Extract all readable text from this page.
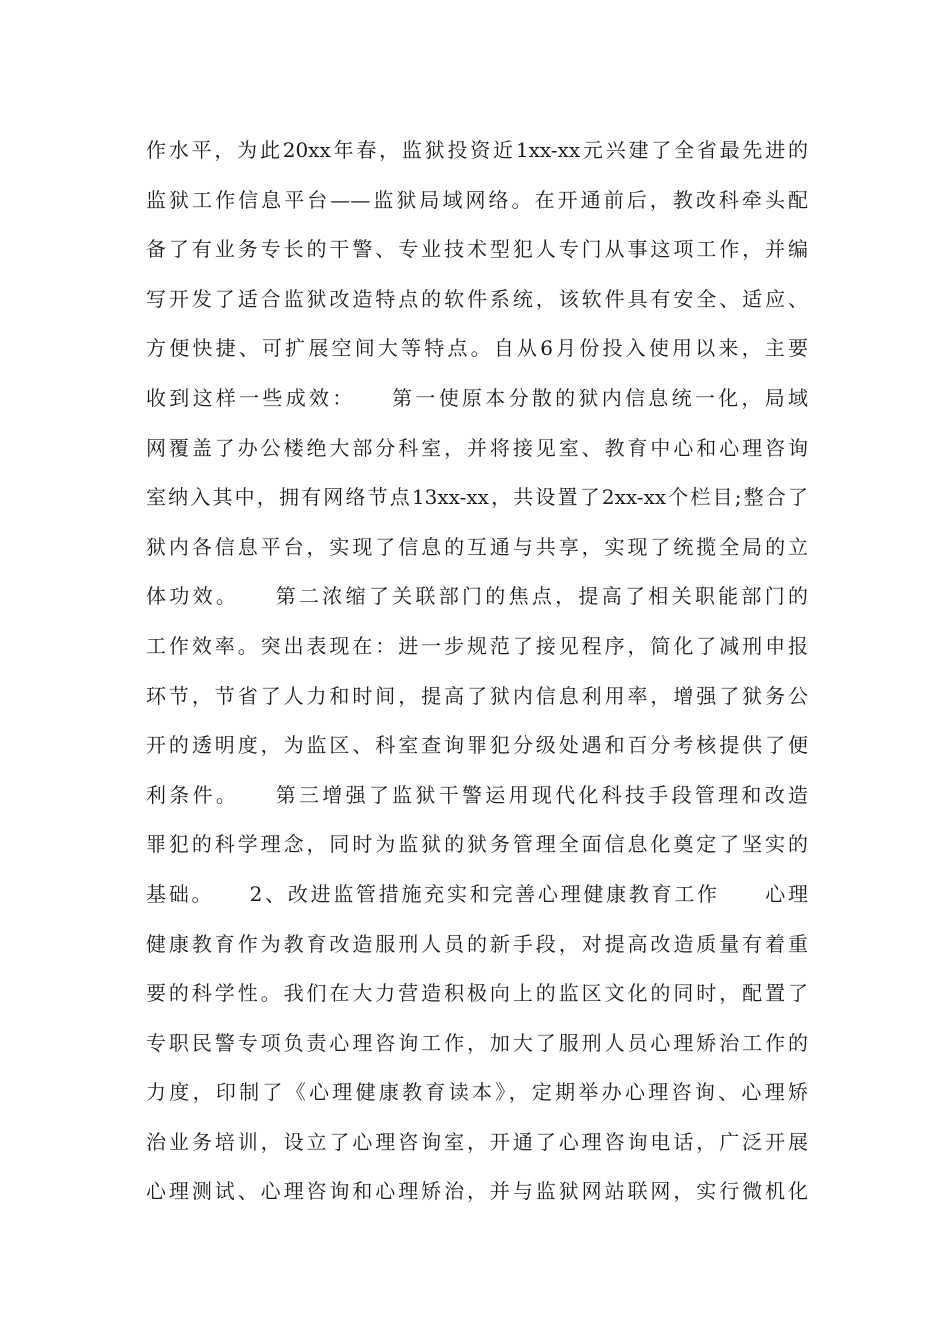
作水平，为此20xx年春，监狱投资近1xx-xx元兴建了全省最先进的
监狱工作信息平台——监狱局域网络。在开通前后，教改科牵头配
备了有业务专长的干警、专业技术型犯人专门从事这项工作，并编
写开发了适合监狱改造特点的软件系统，该软件具有安全、适应、
方便快捷、可扩展空间大等特点。自从6月份投入使用以来，主要
收到这样一些成效：　　第一使原本分散的狱内信息统一化，局域
网覆盖了办公楼绝大部分科室，并将接见室、教育中心和心理咨询
室纳入其中，拥有网络节点13xx-xx，共设置了2xx-xx个栏目;整合了
狱内各信息平台，实现了信息的互通与共享，实现了统揽全局的立
体功效。　　第二浓缩了关联部门的焦点，提高了相关职能部门的
工作效率。突出表现在：进一步规范了接见程序，简化了减刑申报
环节，节省了人力和时间，提高了狱内信息利用率，增强了狱务公
开的透明度，为监区、科室查询罪犯分级处遇和百分考核提供了便
利条件。　　第三增强了监狱干警运用现代化科技手段管理和改造
罪犯的科学理念，同时为监狱的狱务管理全面信息化奠定了坚实的
基础。　　2、改进监管措施充实和完善心理健康教育工作　　心理
健康教育作为教育改造服刑人员的新手段，对提高改造质量有着重
要的科学性。我们在大力营造积极向上的监区文化的同时，配置了
专职民警专项负责心理咨询工作，加大了服刑人员心理矫治工作的
力度，印制了《心理健康教育读本》，定期举办心理咨询、心理矫
治业务培训，设立了心理咨询室，开通了心理咨询电话，广泛开展
心理测试、心理咨询和心理矫治，并与监狱网站联网，实行微机化
